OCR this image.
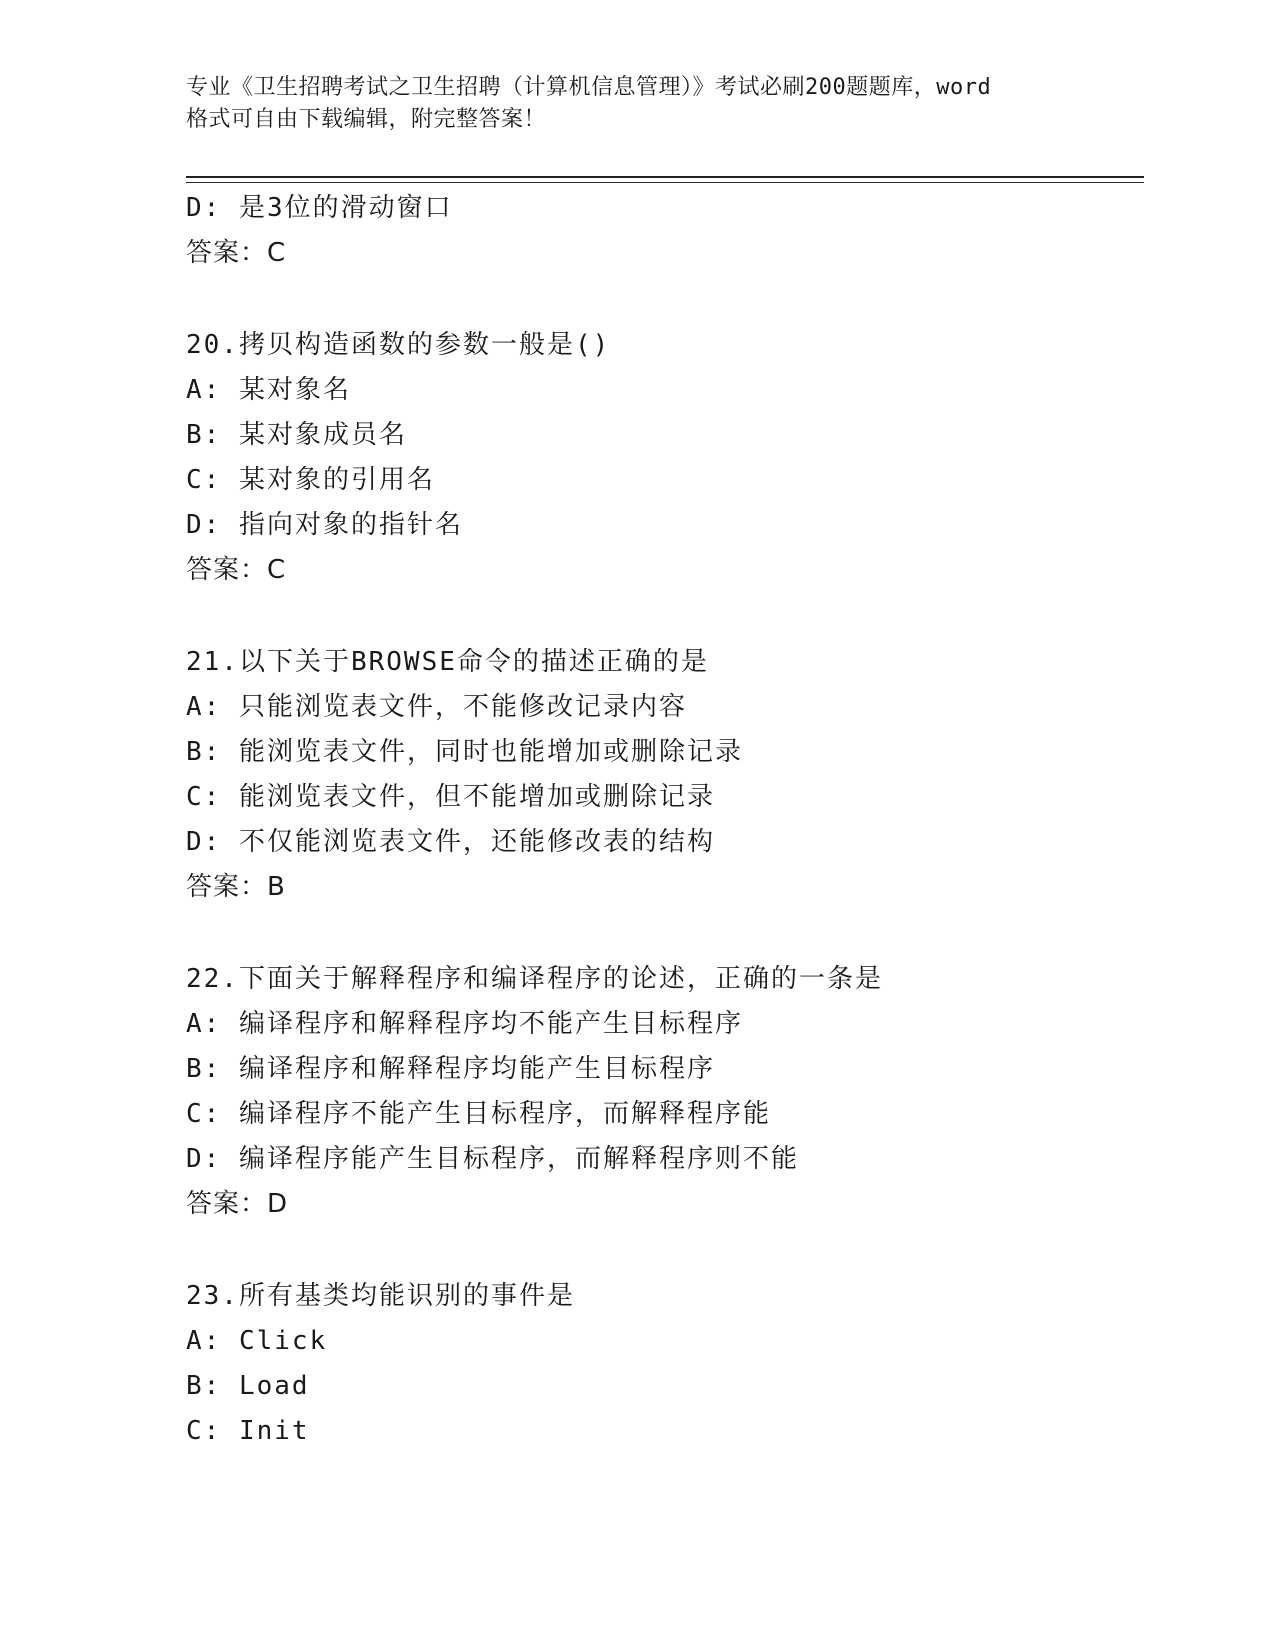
专业《卫生招聘考试之卫生招聘（计算机信息管理）》考试必刷200题题库，word
格式可自由下载编辑，附完整答案！
D: 是3位的滑动窗口
答案：C
20.拷贝构造函数的参数一般是()
A: 某对象名
B: 某对象成员名
C: 某对象的引用名
D: 指向对象的指针名
答案：C
21.以下关于BROWSE命令的描述正确的是
A: 只能浏览表文件，不能修改记录内容
B: 能浏览表文件，同时也能增加或删除记录
C: 能浏览表文件，但不能增加或删除记录
D: 不仅能浏览表文件，还能修改表的结构
答案：B
22.下面关于解释程序和编译程序的论述，正确的一条是
A: 编译程序和解释程序均不能产生目标程序
B: 编译程序和解释程序均能产生目标程序
C: 编译程序不能产生目标程序，而解释程序能
D: 编译程序能产生目标程序，而解释程序则不能
答案：D
23.所有基类均能识别的事件是
A: Click
B: Load
C: Init
